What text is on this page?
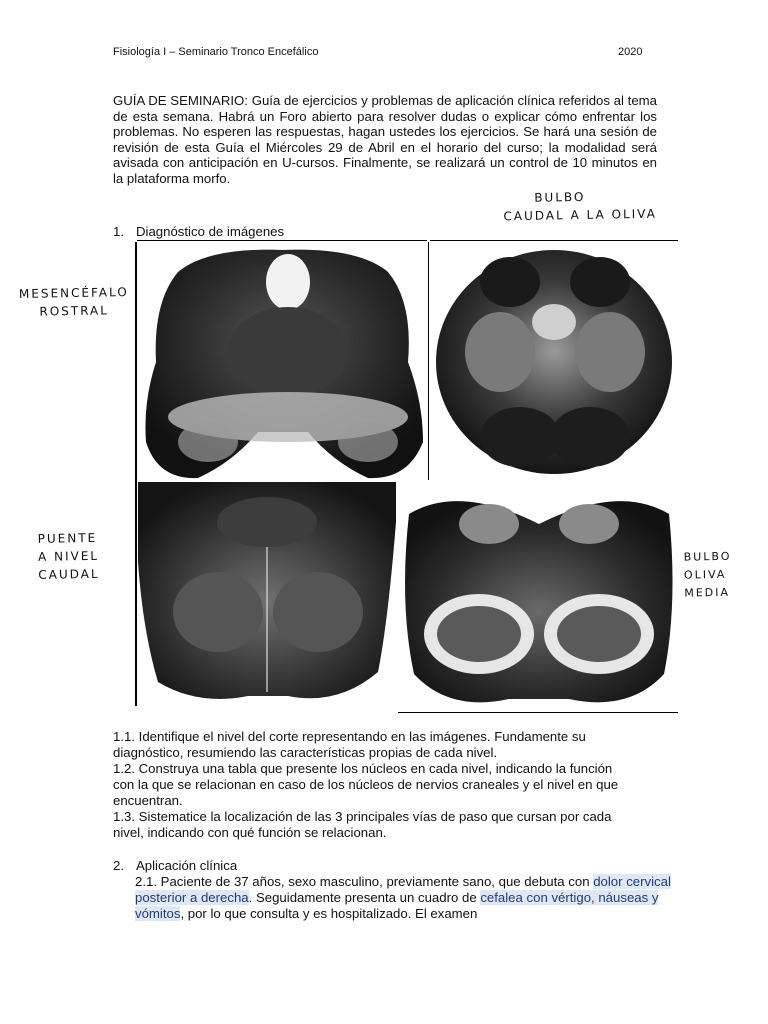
Fisiología I – Seminario Tronco Encefálico	2020
GUÍA DE SEMINARIO: Guía de ejercicios y problemas de aplicación clínica referidos al tema de esta semana. Habrá un Foro abierto para resolver dudas o explicar cómo enfrentar los problemas. No esperen las respuestas, hagan ustedes los ejercicios. Se hará una sesión de revisión de esta Guía el Miércoles 29 de Abril en el horario del curso; la modalidad será avisada con anticipación en U-cursos. Finalmente, se realizará un control de 10 minutos en la plataforma morfo.
1. Diagnóstico de imágenes
BULBO
CAUDAL A LA OLIVA
MESENCÉFALO
ROSTRAL
PUENTE
A NIVEL
CAUDAL
BULBO
OLIVA
MEDIA
1.1. Identifique el nivel del corte representando en las imágenes. Fundamente su diagnóstico, resumiendo las características propias de cada nivel.
1.2. Construya una tabla que presente los núcleos en cada nivel, indicando la función con la que se relacionan en caso de los núcleos de nervios craneales y el nivel en que encuentran.
1.3. Sistematice la localización de las 3 principales vías de paso que cursan por cada nivel, indicando con qué función se relacionan.
2. Aplicación clínica
2.1. Paciente de 37 años, sexo masculino, previamente sano, que debuta con dolor cervical posterior a derecha. Seguidamente presenta un cuadro de cefalea con vértigo, náuseas y vómitos, por lo que consulta y es hospitalizado. El examen
